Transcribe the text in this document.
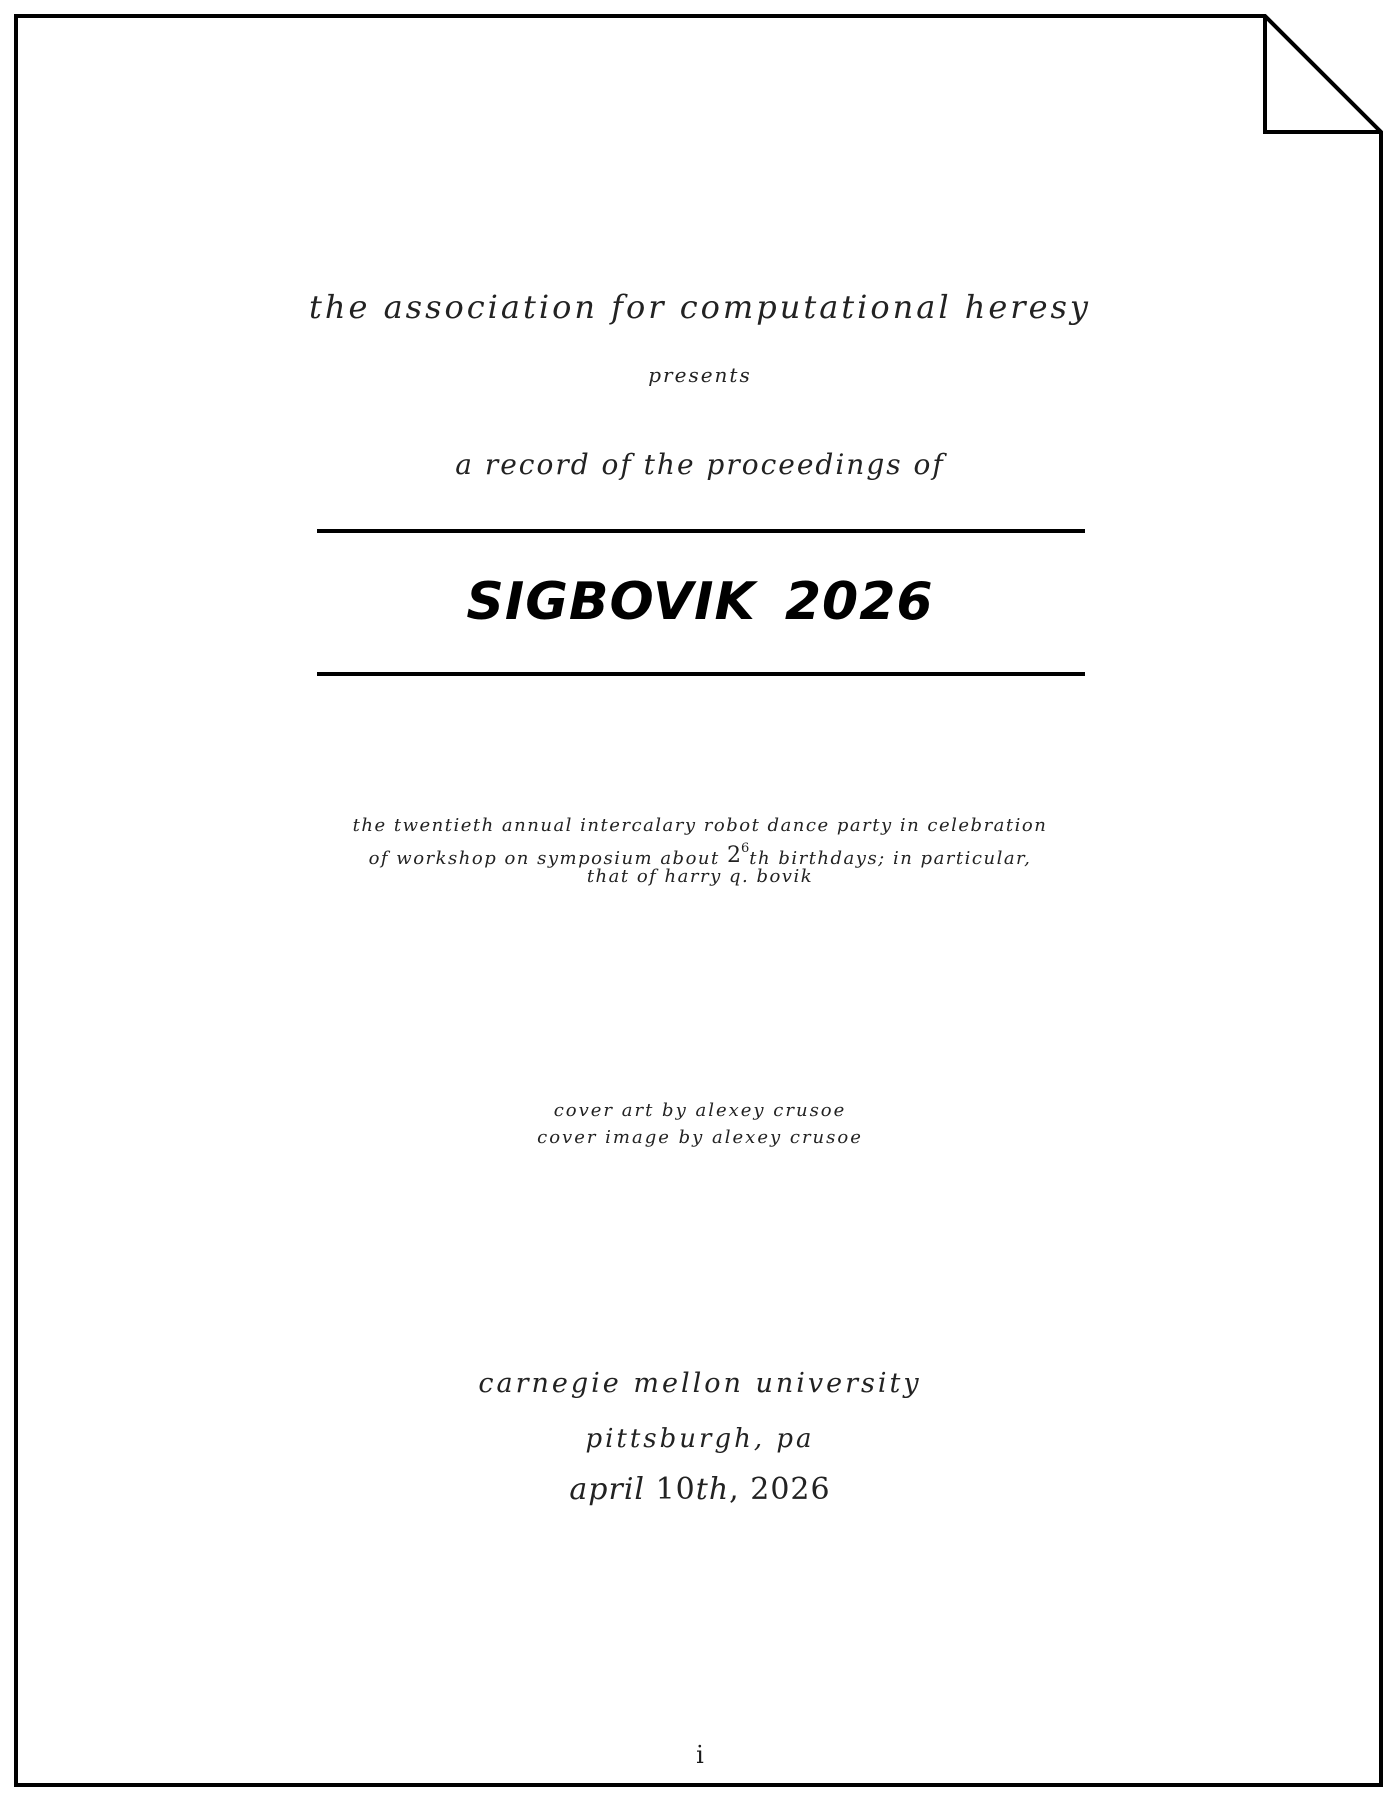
the association for computational heresy
presents
a record of the proceedings of
SIGBOVIK 2026
the twentieth annual intercalary robot dance party in celebration
of workshop on symposium about $2^6th$ birthdays; in particular,
that of harry q. bovik
cover art by alexey crusoe
cover image by alexey crusoe
carnegie mellon university
pittsburgh, pa
april 10th, 2026
i
